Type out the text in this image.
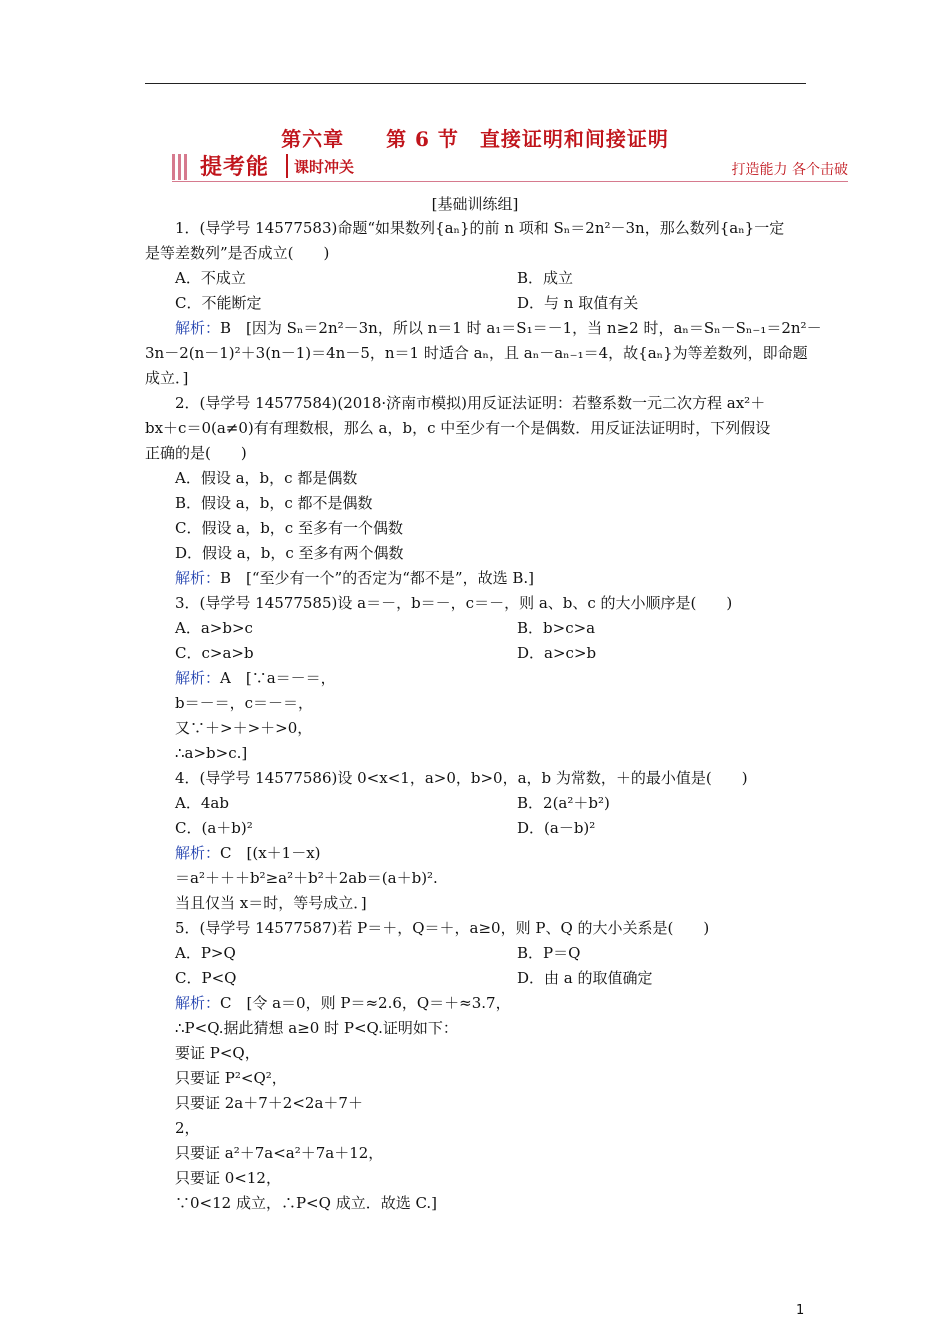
第六章　　第 6 节　直接证明和间接证明
提考能 课时冲关	打造能力 各个击破
[基础训练组]
1．(导学号 14577583)命题“如果数列{aₙ}的前 n 项和 Sₙ＝2n²－3n，那么数列{aₙ}一定
是等差数列”是否成立(　　)
A．不成立	B．成立
C．不能断定	D．与 n 取值有关
解析：B　[因为 Sₙ＝2n²－3n，所以 n＝1 时 a₁＝S₁＝－1，当 n≥2 时，aₙ＝Sₙ－Sₙ₋₁＝2n²－
3n－2(n－1)²＋3(n－1)＝4n－5，n＝1 时适合 aₙ，且 aₙ－aₙ₋₁＝4，故{aₙ}为等差数列，即命题
成立．]
2．(导学号 14577584)(2018·济南市模拟)用反证法证明：若整系数一元二次方程 ax²＋
bx＋c＝0(a≠0)有有理数根，那么 a，b，c 中至少有一个是偶数．用反证法证明时，下列假设
正确的是(　　)
A．假设 a，b，c 都是偶数
B．假设 a，b，c 都不是偶数
C．假设 a，b，c 至多有一个偶数
D．假设 a，b，c 至多有两个偶数
解析：B　[“至少有一个”的否定为“都不是”，故选 B.]
3．(导学号 14577585)设 a＝－，b＝－，c＝－，则 a、b、c 的大小顺序是(　　)
A．a>b>c	B．b>c>a
C．c>a>b	D．a>c>b
解析：A　[∵a＝－＝，
b＝－＝，c＝－＝，
又∵＋>＋>＋>0，
∴a>b>c.]
4．(导学号 14577586)设 0<x<1，a>0，b>0，a，b 为常数，＋的最小值是(　　)
A．4ab	B．2(a²＋b²)
C．(a＋b)²	D．(a－b)²
解析：C　[(x＋1－x)
＝a²＋＋＋b²≥a²＋b²＋2ab＝(a＋b)².
当且仅当 x＝时，等号成立．]
5．(导学号 14577587)若 P＝＋，Q＝＋，a≥0，则 P、Q 的大小关系是(　　)
A．P>Q	B．P＝Q
C．P<Q	D．由 a 的取值确定
解析：C　[令 a＝0，则 P＝≈2.6，Q＝＋≈3.7，
∴P<Q.据此猜想 a≥0 时 P<Q.证明如下：
要证 P<Q，
只要证 P²<Q²，
只要证 2a＋7＋2<2a＋7＋
2，
只要证 a²＋7a<a²＋7a＋12，
只要证 0<12，
∵0<12 成立，∴P<Q 成立．故选 C.]
1
